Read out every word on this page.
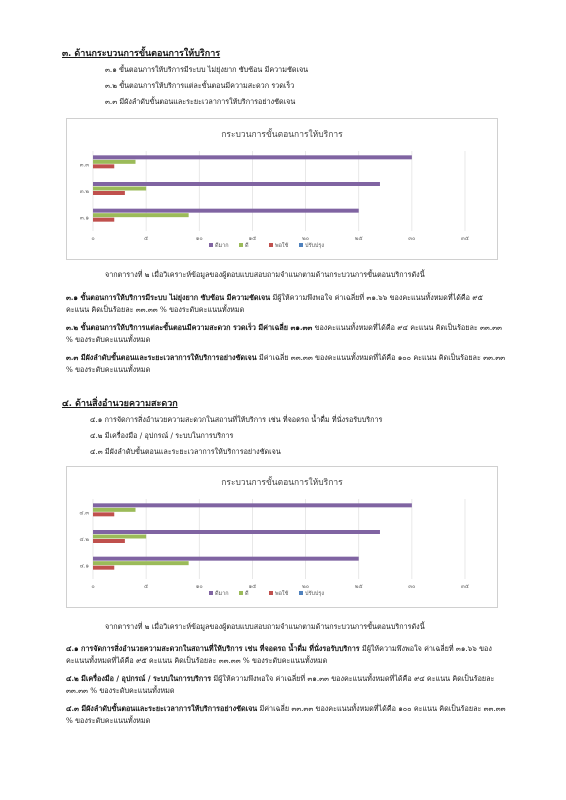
๓. ด้านกระบวนการขั้นตอนการให้บริการ
๓.๑ ขั้นตอนการให้บริการมีระบบ ไม่ยุ่งยาก ซับซ้อน มีความชัดเจน
๓.๒ ขั้นตอนการให้บริการแต่ละขั้นตอนมีความสะดวก รวดเร็ว
๓.๓ มีผังลำดับขั้นตอนและระยะเวลาการให้บริการอย่างชัดเจน
กระบวนการขั้นตอนการให้บริการ
๐	๕	๑๐	๑๕	๒๐	๒๕	๓๐	๓๕
๓.๑
๓.๒
๓.๓
ดีมาก	ดี	พอใช้	ปรับปรุง
จากตารางที่ ๒ เมื่อวิเคราะห์ข้อมูลของผู้ตอบแบบสอบถามจำแนกตามด้านกระบวนการขั้นตอนบริการดังนี้
๓.๑ ขั้นตอนการให้บริการมีระบบ ไม่ยุ่งยาก ซับซ้อน มีความชัดเจน มีผู้ให้ความพึงพอใจ ค่าเฉลี่ยที่ ๓๑.๖๖ ของคะแนนทั้งหมดที่ได้คือ ๙๕ คะแนน คิดเป็นร้อยละ ๓๓.๓๓ % ของระดับคะแนนทั้งหมด
๓.๒ ขั้นตอนการให้บริการแต่ละขั้นตอนมีความสะดวก รวดเร็ว มีค่าเฉลี่ย ๓๑.๓๓ ของคะแนนทั้งหมดที่ได้คือ ๙๔ คะแนน คิดเป็นร้อยละ ๓๓.๓๓ % ของระดับคะแนนทั้งหมด
๓.๓ มีผังลำดับขั้นตอนและระยะเวลาการให้บริการอย่างชัดเจน มีค่าเฉลี่ย ๓๓.๓๓ ของคะแนนทั้งหมดที่ได้คือ ๑๐๐ คะแนน คิดเป็นร้อยละ ๓๓.๓๓ % ของระดับคะแนนทั้งหมด
๔. ด้านสิ่งอำนวยความสะดวก
๔.๑ การจัดการสิ่งอำนวยความสะดวกในสถานที่ให้บริการ เช่น ที่จอดรถ น้ำดื่ม ที่นั่งรอรับบริการ
๔.๒ มีเครื่องมือ / อุปกรณ์ / ระบบในการบริการ
๔.๓ มีผังลำดับขั้นตอนและระยะเวลาการให้บริการอย่างชัดเจน
กระบวนการขั้นตอนการให้บริการ
๐	๕	๑๐	๑๕	๒๐	๒๕	๓๐	๓๕
๔.๑
๔.๒
๔.๓
ดีมาก	ดี	พอใช้	ปรับปรุง
จากตารางที่ ๒ เมื่อวิเคราะห์ข้อมูลของผู้ตอบแบบสอบถามจำแนกตามด้านกระบวนการขั้นตอนบริการดังนี้
๔.๑ การจัดการสิ่งอำนวยความสะดวกในสถานที่ให้บริการ เช่น ที่จอดรถ น้ำดื่ม ที่นั่งรอรับบริการ มีผู้ให้ความพึงพอใจ ค่าเฉลี่ยที่ ๓๑.๖๖ ของคะแนนทั้งหมดที่ได้คือ ๙๕ คะแนน คิดเป็นร้อยละ ๓๓.๓๓ % ของระดับคะแนนทั้งหมด
๔.๒ มีเครื่องมือ / อุปกรณ์ / ระบบในการบริการ มีผู้ให้ความพึงพอใจ ค่าเฉลี่ยที่ ๓๑.๓๓ ของคะแนนทั้งหมดที่ได้คือ ๙๔ คะแนน คิดเป็นร้อยละ ๓๓.๓๓ % ของระดับคะแนนทั้งหมด
๔.๓ มีผังลำดับขั้นตอนและระยะเวลาการให้บริการอย่างชัดเจน มีค่าเฉลี่ย ๓๓.๓๓ ของคะแนนทั้งหมดที่ได้คือ ๑๐๐ คะแนน คิดเป็นร้อยละ ๓๓.๓๓ % ของระดับคะแนนทั้งหมด
